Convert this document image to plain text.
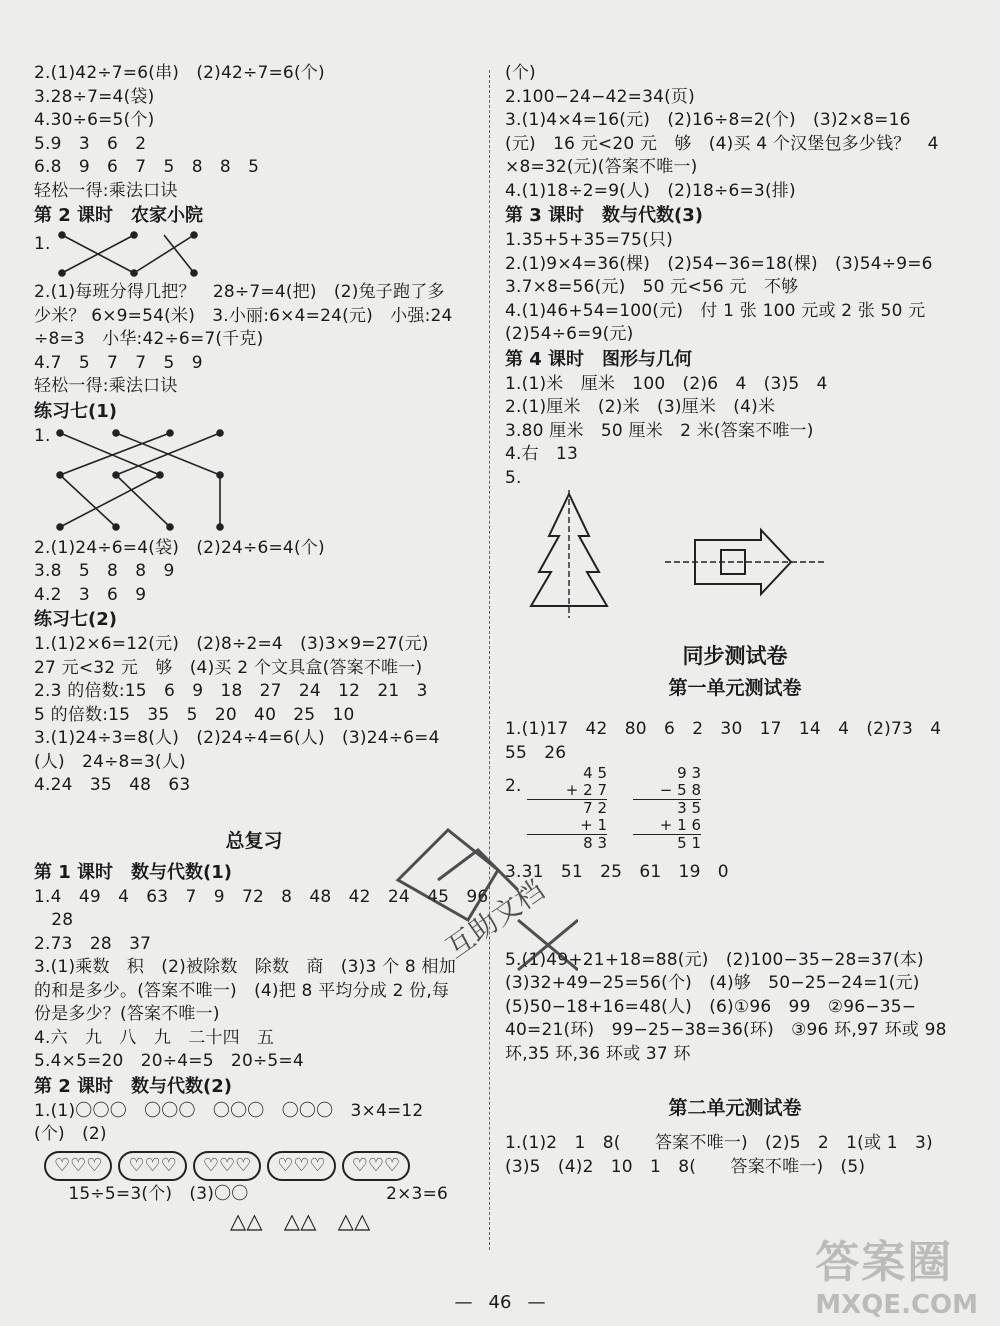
2.(1)42÷7=6(串)　(2)42÷7=6(个)
3.28÷7=4(袋)
4.30÷6=5(个)
5.9　3　6　2
6.8　9　6　7　5　8　8　5
轻松一得:乘法口诀
第 2 课时　农家小院
1.
2.(1)每班分得几把？　28÷7=4(把)　(2)兔子跑了多
少米？ 6×9=54(米)　3.小丽:6×4=24(元)　小强:24
÷8=3　小华:42÷6=7(千克)
4.7　5　7　7　5　9
轻松一得:乘法口诀
练习七(1)
1.
2.(1)24÷6=4(袋)　(2)24÷6=4(个)
3.8　5　8　8　9
4.2　3　6　9
练习七(2)
1.(1)2×6=12(元)　(2)8÷2=4　(3)3×9=27(元)
27 元<32 元　够　(4)买 2 个文具盒(答案不唯一)
2.3 的倍数:15　6　9　18　27　24　12　21　3
5 的倍数:15　35　5　20　40　25　10
3.(1)24÷3=8(人)　(2)24÷4=6(人)　(3)24÷6=4
(人)　24÷8=3(人)
4.24　35　48　63
总复习
第 1 课时　数与代数(1)
1.4　49　4　63　7　9　72　8　48　42　24　45　96
　28
2.73　28　37
3.(1)乘数　积　(2)被除数　除数　商　(3)3 个 8 相加
的和是多少。(答案不唯一)　(4)把 8 平均分成 2 份,每
份是多少？(答案不唯一)
4.六　九　八　九　二十四　五
5.4×5=20　20÷4=5　20÷5=4
第 2 课时　数与代数(2)
1.(1)〇〇〇　〇〇〇　〇〇〇　〇〇〇　3×4=12
(个)　(2)
♡♡♡	♡♡♡	♡♡♡	♡♡♡	♡♡♡
　　15÷5=3(个)　(3)〇〇　　　　　　　　2×3=6
△△　△△　△△
(个)
2.100−24−42=34(页)
3.(1)4×4=16(元)　(2)16÷8=2(个)　(3)2×8=16
(元)　16 元<20 元　够　(4)买 4 个汉堡包多少钱？　4
×8=32(元)(答案不唯一)
4.(1)18÷2=9(人)　(2)18÷6=3(排)
第 3 课时　数与代数(3)
1.35+5+35=75(只)
2.(1)9×4=36(棵)　(2)54−36=18(棵)　(3)54÷9=6
3.7×8=56(元)　50 元<56 元　不够
4.(1)46+54=100(元)　付 1 张 100 元或 2 张 50 元
(2)54÷6=9(元)
第 4 课时　图形与几何
1.(1)米　厘米　100　(2)6　4　(3)5　4
2.(1)厘米　(2)米　(3)厘米　(4)米
3.80 厘米　50 厘米　2 米(答案不唯一)
4.右　13
5.
同步测试卷
第一单元测试卷
1.(1)17　42　80　6　2　30　17　14　4　(2)73　4
55　26
2.
4 5
+ 2 7
7 2
+ 1
8 3
9 3
− 5 8
3 5
+ 1 6
5 1
3.31　51　25　61　19　0
5.(1)49+21+18=88(元)　(2)100−35−28=37(本)
(3)32+49−25=56(个)　(4)够　50−25−24=1(元)
(5)50−18+16=48(人)　(6)①96　99　②96−35−
40=21(环)　99−25−38=36(环)　③96 环,97 环或 98
环,35 环,36 环或 37 环
第二单元测试卷
1.(1)2　1　8(　　答案不唯一)　(2)5　2　1(或 1　3)
(3)5　(4)2　10　1　8(　　答案不唯一)　(5)
互助文档
— 46 —
答案圈
MXQE.COM
